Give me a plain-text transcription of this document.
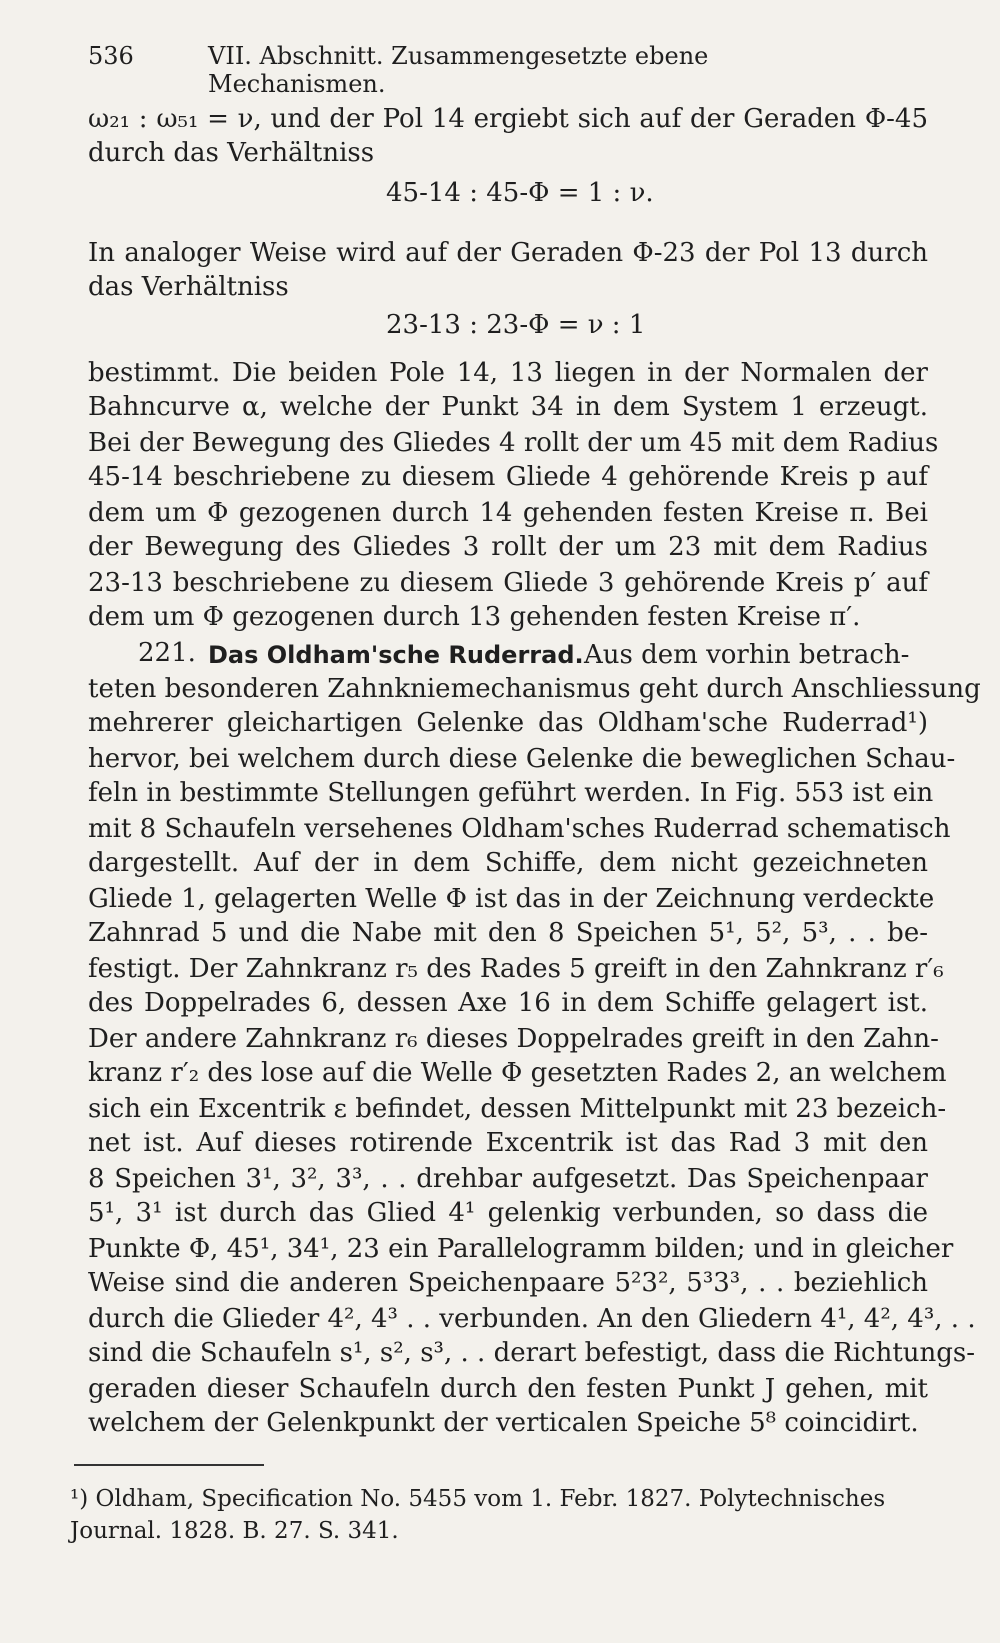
536	VII. Abschnitt. Zusammengesetzte ebene Mechanismen.
ω₂₁ : ω₅₁ = ν, und der Pol 14 ergiebt sich auf der Geraden Φ-45
durch das Verhältniss
45-14 : 45-Φ = 1 : ν.
In analoger Weise wird auf der Geraden Φ-23 der Pol 13 durch
das Verhältniss
23-13 : 23-Φ = ν : 1
bestimmt. Die beiden Pole 14, 13 liegen in der Normalen der
Bahncurve α, welche der Punkt 34 in dem System 1 erzeugt.
Bei der Bewegung des Gliedes 4 rollt der um 45 mit dem Radius
45-14 beschriebene zu diesem Gliede 4 gehörende Kreis p auf
dem um Φ gezogenen durch 14 gehenden festen Kreise π. Bei
der Bewegung des Gliedes 3 rollt der um 23 mit dem Radius
23-13 beschriebene zu diesem Gliede 3 gehörende Kreis p′ auf
dem um Φ gezogenen durch 13 gehenden festen Kreise π′.
221. Das Oldham'sche Ruderrad. Aus dem vorhin betrach-
teten besonderen Zahnkniemechanismus geht durch Anschliessung
mehrerer gleichartigen Gelenke das Oldham'sche Ruderrad¹)
hervor, bei welchem durch diese Gelenke die beweglichen Schau-
feln in bestimmte Stellungen geführt werden. In Fig. 553 ist ein
mit 8 Schaufeln versehenes Oldham'sches Ruderrad schematisch
dargestellt. Auf der in dem Schiffe, dem nicht gezeichneten
Gliede 1, gelagerten Welle Φ ist das in der Zeichnung verdeckte
Zahnrad 5 und die Nabe mit den 8 Speichen 5¹, 5², 5³, . . be-
festigt. Der Zahnkranz r₅ des Rades 5 greift in den Zahnkranz r′₆
des Doppelrades 6, dessen Axe 16 in dem Schiffe gelagert ist.
Der andere Zahnkranz r₆ dieses Doppelrades greift in den Zahn-
kranz r′₂ des lose auf die Welle Φ gesetzten Rades 2, an welchem
sich ein Excentrik ε befindet, dessen Mittelpunkt mit 23 bezeich-
net ist. Auf dieses rotirende Excentrik ist das Rad 3 mit den
8 Speichen 3¹, 3², 3³, . . drehbar aufgesetzt. Das Speichenpaar
5¹, 3¹ ist durch das Glied 4¹ gelenkig verbunden, so dass die
Punkte Φ, 45¹, 34¹, 23 ein Parallelogramm bilden; und in gleicher
Weise sind die anderen Speichenpaare 5²3², 5³3³, . . beziehlich
durch die Glieder 4², 4³ . . verbunden. An den Gliedern 4¹, 4², 4³, . .
sind die Schaufeln s¹, s², s³, . . derart befestigt, dass die Richtungs-
geraden dieser Schaufeln durch den festen Punkt J gehen, mit
welchem der Gelenkpunkt der verticalen Speiche 5⁸ coincidirt.
¹) Oldham, Specification No. 5455 vom 1. Febr. 1827. Polytechnisches
Journal. 1828. B. 27. S. 341.
